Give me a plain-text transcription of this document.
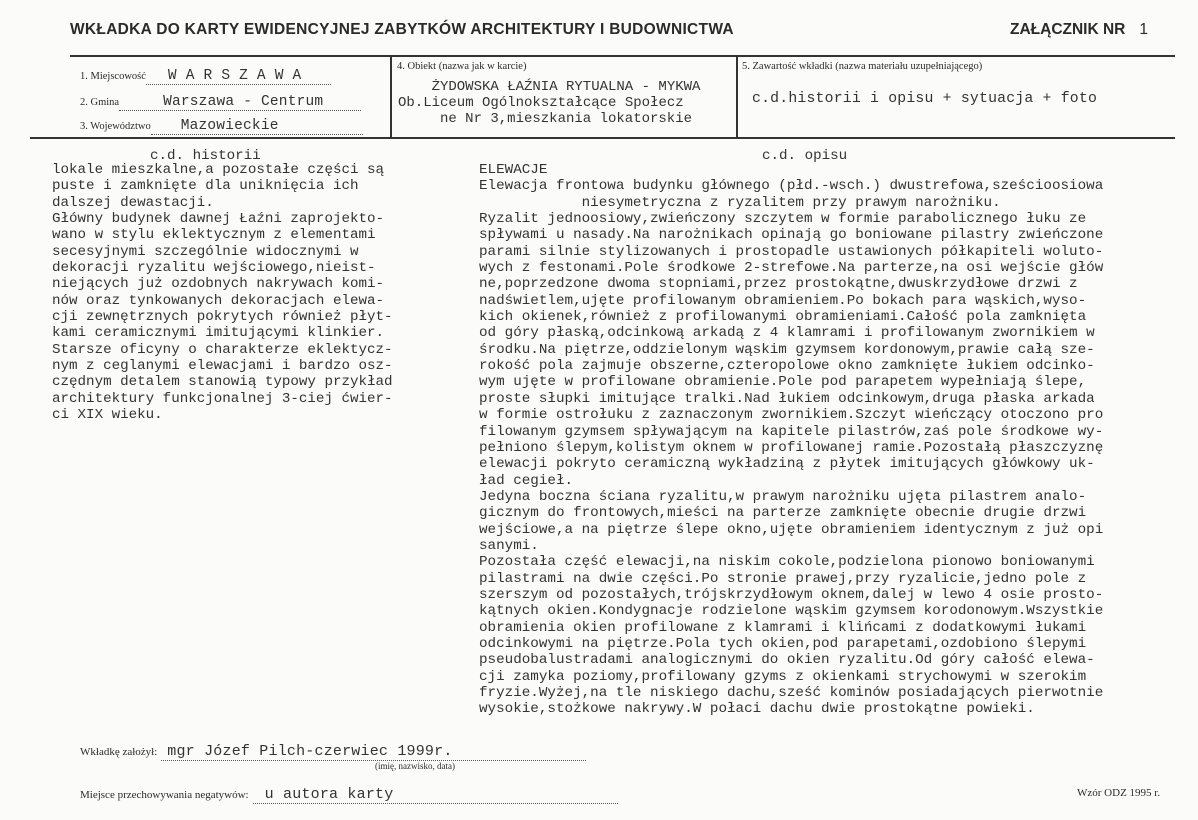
WKŁADKA DO KARTY EWIDENCYJNEJ ZABYTKÓW ARCHITEKTURY I BUDOWNICTWA	ZAŁĄCZNIK NR 1
1. Miejscowość W A R S Z A W A
2. Gmina	Warszawa - Centrum
3. Województwo Mazowieckie
4. Obiekt (nazwa jak w karcie)
ŻYDOWSKA ŁAŹNIA RYTUALNA - MYKWA
Ob.Liceum Ogólnokształcące Społecz
ne Nr 3,mieszkania lokatorskie
5. Zawartość wkładki (nazwa materiału uzupełniającego)
c.d.historii i opisu + sytuacja + foto
c.d. historii
lokale mieszkalne,a pozostałe części są
puste i zamknięte dla uniknięcia ich
dalszej dewastacji.
Główny budynek dawnej Łaźni zaprojekto-
wano w stylu eklektycznym z elementami
secesyjnymi szczególnie widocznymi w
dekoracji ryzalitu wejściowego,nieist-
niejących już ozdobnych nakrywach komi-
nów oraz tynkowanych dekoracjach elewa-
cji zewnętrznych pokrytych również płyt-
kami ceramicznymi imitującymi klinkier.
Starsze oficyny o charakterze eklektycz-
nym z ceglanymi elewacjami i bardzo osz-
czędnym detalem stanowią typowy przykład
architektury funkcjonalnej 3-ciej ćwier-
ci XIX wieku.
c.d. opisu
ELEWACJE
Elewacja frontowa budynku głównego (płd.-wsch.) dwustrefowa,sześcioosiowa
niesymetryczna z ryzalitem przy prawym narożniku.
Ryzalit jednoosiowy,zwieńczony szczytem w formie parabolicznego łuku ze
spływami u nasady.Na narożnikach opinają go boniowane pilastry zwieńczone
parami silnie stylizowanych i prostopadle ustawionych półkapiteli woluto-
wych z festonami.Pole środkowe 2-strefowe.Na parterze,na osi wejście głów
ne,poprzedzone dwoma stopniami,przez prostokątne,dwuskrzydłowe drzwi z
nadświetlem,ujęte profilowanym obramieniem.Po bokach para wąskich,wyso-
kich okienek,również z profilowanymi obramieniami.Całość pola zamknięta
od góry płaską,odcinkową arkadą z 4 klamrami i profilowanym zwornikiem w
środku.Na piętrze,oddzielonym wąskim gzymsem kordonowym,prawie całą sze-
rokość pola zajmuje obszerne,czteropolowe okno zamknięte łukiem odcinko-
wym ujęte w profilowane obramienie.Pole pod parapetem wypełniają ślepe,
proste słupki imitujące tralki.Nad łukiem odcinkowym,druga płaska arkada
w formie ostrołuku z zaznaczonym zwornikiem.Szczyt wieńczący otoczono pro
filowanym gzymsem spływającym na kapitele pilastrów,zaś pole środkowe wy-
pełniono ślepym,kolistym oknem w profilowanej ramie.Pozostałą płaszczyznę
elewacji pokryto ceramiczną wykładziną z płytek imitujących główkowy uk-
ład cegieł.
Jedyna boczna ściana ryzalitu,w prawym narożniku ujęta pilastrem analo-
gicznym do frontowych,mieści na parterze zamknięte obecnie drugie drzwi
wejściowe,a na piętrze ślepe okno,ujęte obramieniem identycznym z już opi
sanymi.
Pozostała część elewacji,na niskim cokole,podzielona pionowo boniowanymi
pilastrami na dwie części.Po stronie prawej,przy ryzalicie,jedno pole z
szerszym od pozostałych,trójskrzydłowym oknem,dalej w lewo 4 osie prosto-
kątnych okien.Kondygnacje rodzielone wąskim gzymsem korodonowym.Wszystkie
obramienia okien profilowane z klamrami i klińcami z dodatkowymi łukami
odcinkowymi na piętrze.Pola tych okien,pod parapetami,ozdobiono ślepymi
pseudobalustradami analogicznymi do okien ryzalitu.Od góry całość elewa-
cji zamyka poziomy,profilowany gzyms z okienkami strychowymi w szerokim
fryzie.Wyżej,na tle niskiego dachu,sześć kominów posiadających pierwotnie
wysokie,stożkowe nakrywy.W połaci dachu dwie prostokątne powieki.
Wkładkę założył: mgr Józef Pilch-czerwiec 1999r.
(imię, nazwisko, data)
Miejsce przechowywania negatywów: u autora karty	Wzór ODZ 1995 r.
